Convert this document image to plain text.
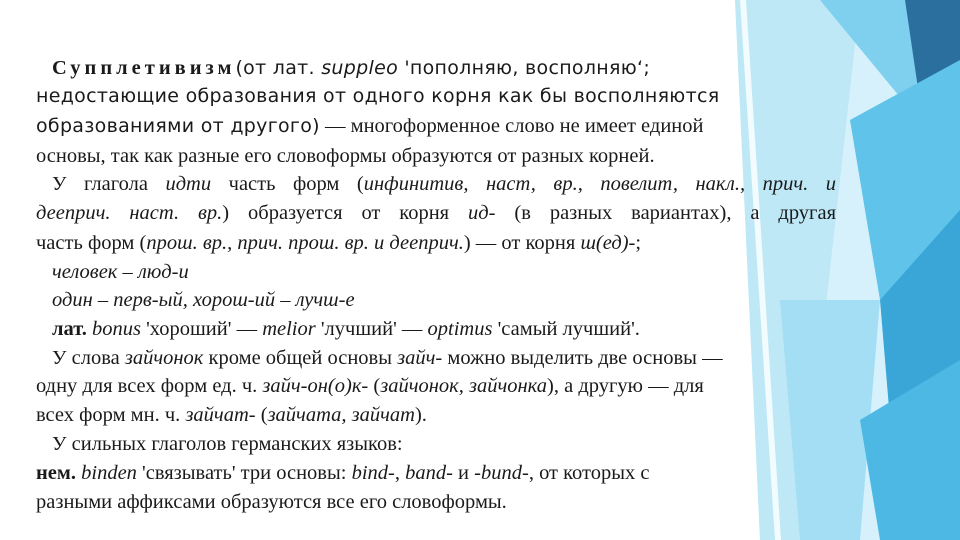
Супплетивизм(от лат. suppleo 'пополняю, восполняю‘;
недостающие образования от одного корня как бы восполняются
образованиями от другого) — многоформенное слово не имеет единой
основы, так как разные его словоформы образуются от разных корней.
У глагола идти часть форм (инфинитив, наст, вр., повелит, накл., прич. и
дееприч. наст. вр.) образуется от корня ид- (в разных вариантах), а другая
часть форм (прош. вр., прич. прош. вр. и дееприч.) — от корня ш(ед)-;
человек – люд-и
один – перв-ый, хорош-ий – лучш-е
лат. bonus 'хороший' — melior 'лучший' — optimus 'самый лучший'.
У слова зайчонок кроме общей основы зайч- можно выделить две основы —
одну для всех форм ед. ч. зайч-он(о)к- (зайчонок, зайчонка), а другую — для
всех форм мн. ч. зайчат- (зайчата, зайчат).
У сильных глаголов германских языков:
нем. binden 'связывать' три основы: bind-, band- и -bund-, от которых с
разными аффиксами образуются все его словоформы.
